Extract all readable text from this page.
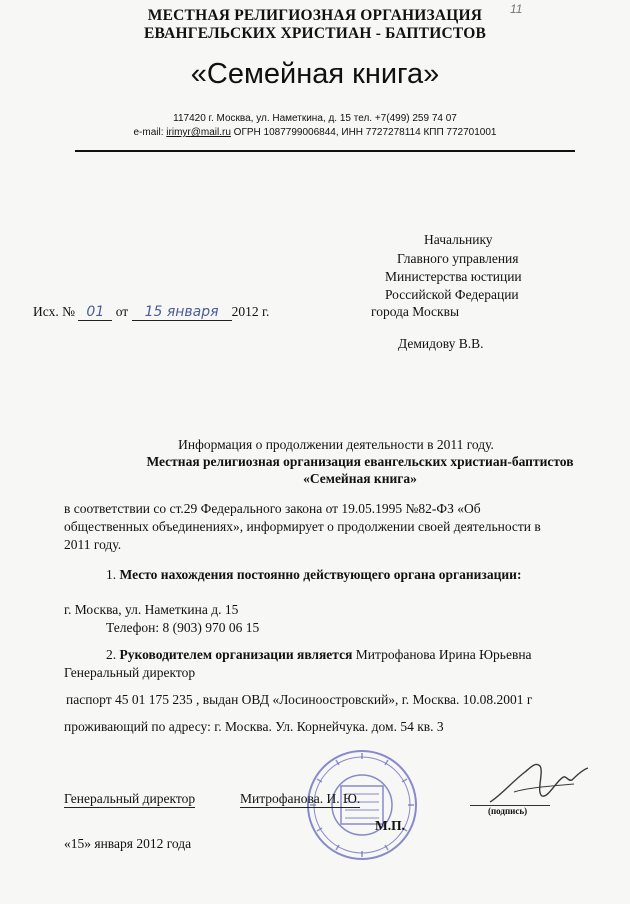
МЕСТНАЯ РЕЛИГИОЗНАЯ ОРГАНИЗАЦИЯ
ЕВАНГЕЛЬСКИХ ХРИСТИАН - БАПТИСТОВ
11
«Семейная книга»
117420 г. Москва, ул. Наметкина, д. 15 тел. +7(499) 259 74 07
e-mail: irimyr@mail.ru ОГРН 1087799006844, ИНН 7727278114 КПП 772701001
Начальнику
Главного управления
Министерства юстиции
Российской Федерации
города Москвы
Демидову В.В.
Исх. № 01 от 15 января 2012 г.
Информация о продолжении деятельности в 2011 году.
Местная религиозная организация евангельских христиан-баптистов
«Семейная книга»
в соответствии со ст.29 Федерального закона от 19.05.1995 №82-ФЗ «Об
общественных объединениях», информирует о продолжении своей деятельности в
2011 году.
1. Место нахождения постоянно действующего органа организации:
г. Москва, ул. Наметкина д. 15
Телефон: 8 (903) 970 06 15
2. Руководителем организации является Митрофанова Ирина Юрьевна
Генеральный директор
паспорт 45 01 175 235 , выдан ОВД «Лосиноостровский», г. Москва. 10.08.2001 г
проживающий по адресу: г. Москва. Ул. Корнейчука. дом. 54 кв. 3
Генеральный директор	Митрофанова. И. Ю.
М.П.
(подпись)
«15» января 2012 года
